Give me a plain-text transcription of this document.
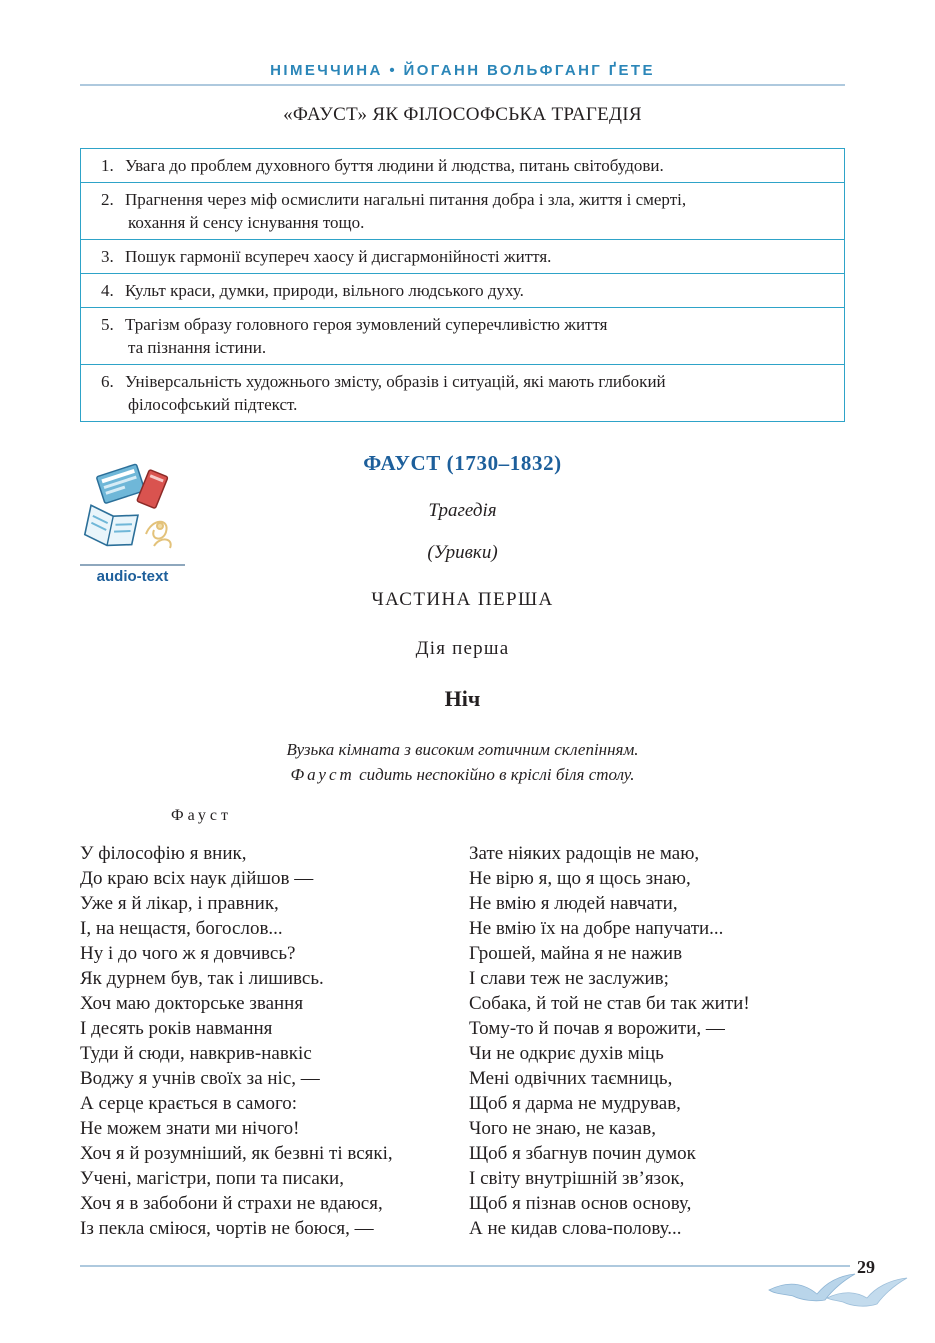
НІМЕЧЧИНА • ЙОГАНН ВОЛЬФГАНГ ҐЕТЕ
«ФАУСТ» ЯК ФІЛОСОФСЬКА ТРАГЕДІЯ
1. Увага до проблем духовного буття людини й людства, питань світобудови.
2. Прагнення через міф осмислити нагальні питання добра і зла, життя і смерті,
кохання й сенсу існування тощо.
3. Пошук гармонії всупереч хаосу й дисгармонійності життя.
4. Культ краси, думки, природи, вільного людського духу.
5. Трагізм образу головного героя зумовлений суперечливістю життя
та пізнання істини.
6. Універсальність художнього змісту, образів і ситуацій, які мають глибокий
філософський підтекст.
audio-text
ФАУСТ (1730–1832)
Трагедія
(Уривки)
ЧАСТИНА ПЕРША
Дія перша
Ніч
Вузька кімната з високим готичним склепінням.
Фауст сидить неспокійно в кріслі біля столу.
Фауст
У філософію я вник,
До краю всіх наук дійшов —
Уже я й лікар, і правник,
І, на нещастя, богослов...
Ну і до чого ж я довчивсь?
Як дурнем був, так і лишивсь.
Хоч маю докторське звання
І десять років навмання
Туди й сюди, навкрив-навкіс
Воджу я учнів своїх за ніс, —
А серце крається в самого:
Не можем знати ми нічого!
Хоч я й розумніший, як безвні ті всякі,
Учені, магістри, попи та писаки,
Хоч я в забобони й страхи не вдаюся,
Із пекла сміюся, чортів не боюся, —
Зате ніяких радощів не маю,
Не вірю я, що я щось знаю,
Не вмію я людей навчати,
Не вмію їх на добре напучати...
Грошей, майна я не нажив
І слави теж не заслужив;
Собака, й той не став би так жити!
Тому-то й почав я ворожити, —
Чи не одкриє духів міць
Мені одвічних таємниць,
Щоб я дарма не мудрував,
Чого не знаю, не казав,
Щоб я збагнув почин думок
І світу внутрішній зв’язок,
Щоб я пізнав основ основу,
А не кидав слова-полову...
29
